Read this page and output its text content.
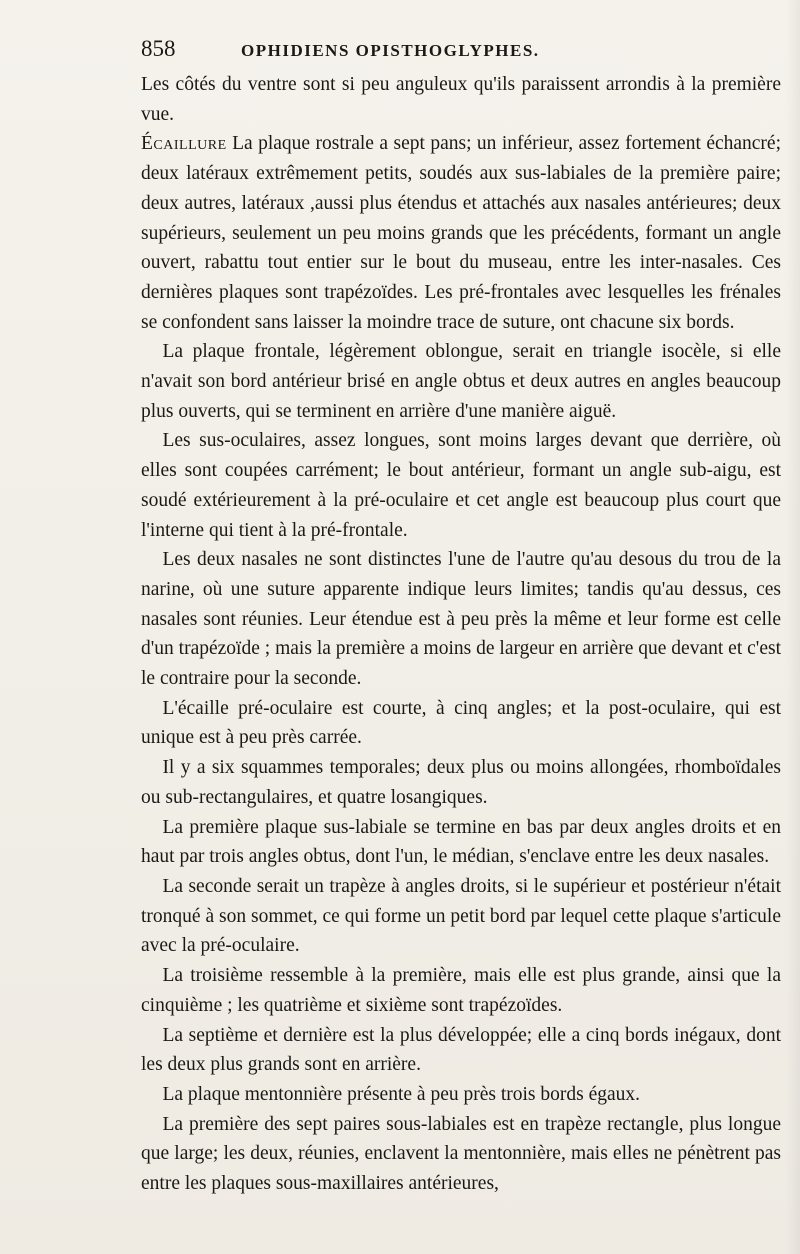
858	OPHIDIENS OPISTHOGLYPHES.

Les côtés du ventre sont si peu anguleux qu'ils paraissent arrondis à la première vue.

Écaillure La plaque rostrale a sept pans; un inférieur, assez fortement échancré; deux latéraux extrêmement petits, soudés aux sus-labiales de la première paire; deux autres, latéraux ,aussi plus étendus et attachés aux nasales antérieures; deux supérieurs, seulement un peu moins grands que les précédents, formant un angle ouvert, rabattu tout entier sur le bout du museau, entre les inter-nasales. Ces dernières plaques sont trapézoïdes. Les pré-frontales avec lesquelles les frénales se confondent sans laisser la moindre trace de suture, ont chacune six bords.

La plaque frontale, légèrement oblongue, serait en triangle isocèle, si elle n'avait son bord antérieur brisé en angle obtus et deux autres en angles beaucoup plus ouverts, qui se terminent en arrière d'une manière aiguë.

Les sus-oculaires, assez longues, sont moins larges devant que derrière, où elles sont coupées carrément; le bout antérieur, formant un angle sub-aigu, est soudé extérieurement à la pré-oculaire et cet angle est beaucoup plus court que l'interne qui tient à la pré-frontale.

Les deux nasales ne sont distinctes l'une de l'autre qu'au desous du trou de la narine, où une suture apparente indique leurs limites; tandis qu'au dessus, ces nasales sont réunies. Leur étendue est à peu près la même et leur forme est celle d'un trapézoïde ; mais la première a moins de largeur en arrière que devant et c'est le contraire pour la seconde.

L'écaille pré-oculaire est courte, à cinq angles; et la post-oculaire, qui est unique est à peu près carrée.

Il y a six squammes temporales; deux plus ou moins allongées, rhomboïdales ou sub-rectangulaires, et quatre losangiques.

La première plaque sus-labiale se termine en bas par deux angles droits et en haut par trois angles obtus, dont l'un, le médian, s'enclave entre les deux nasales.

La seconde serait un trapèze à angles droits, si le supérieur et postérieur n'était tronqué à son sommet, ce qui forme un petit bord par lequel cette plaque s'articule avec la pré-oculaire.

La troisième ressemble à la première, mais elle est plus grande, ainsi que la cinquième ; les quatrième et sixième sont trapézoïdes.

La septième et dernière est la plus développée; elle a cinq bords inégaux, dont les deux plus grands sont en arrière.

La plaque mentonnière présente à peu près trois bords égaux.

La première des sept paires sous-labiales est en trapèze rectangle, plus longue que large; les deux, réunies, enclavent la mentonnière, mais elles ne pénètrent pas entre les plaques sous-maxillaires antérieures,
